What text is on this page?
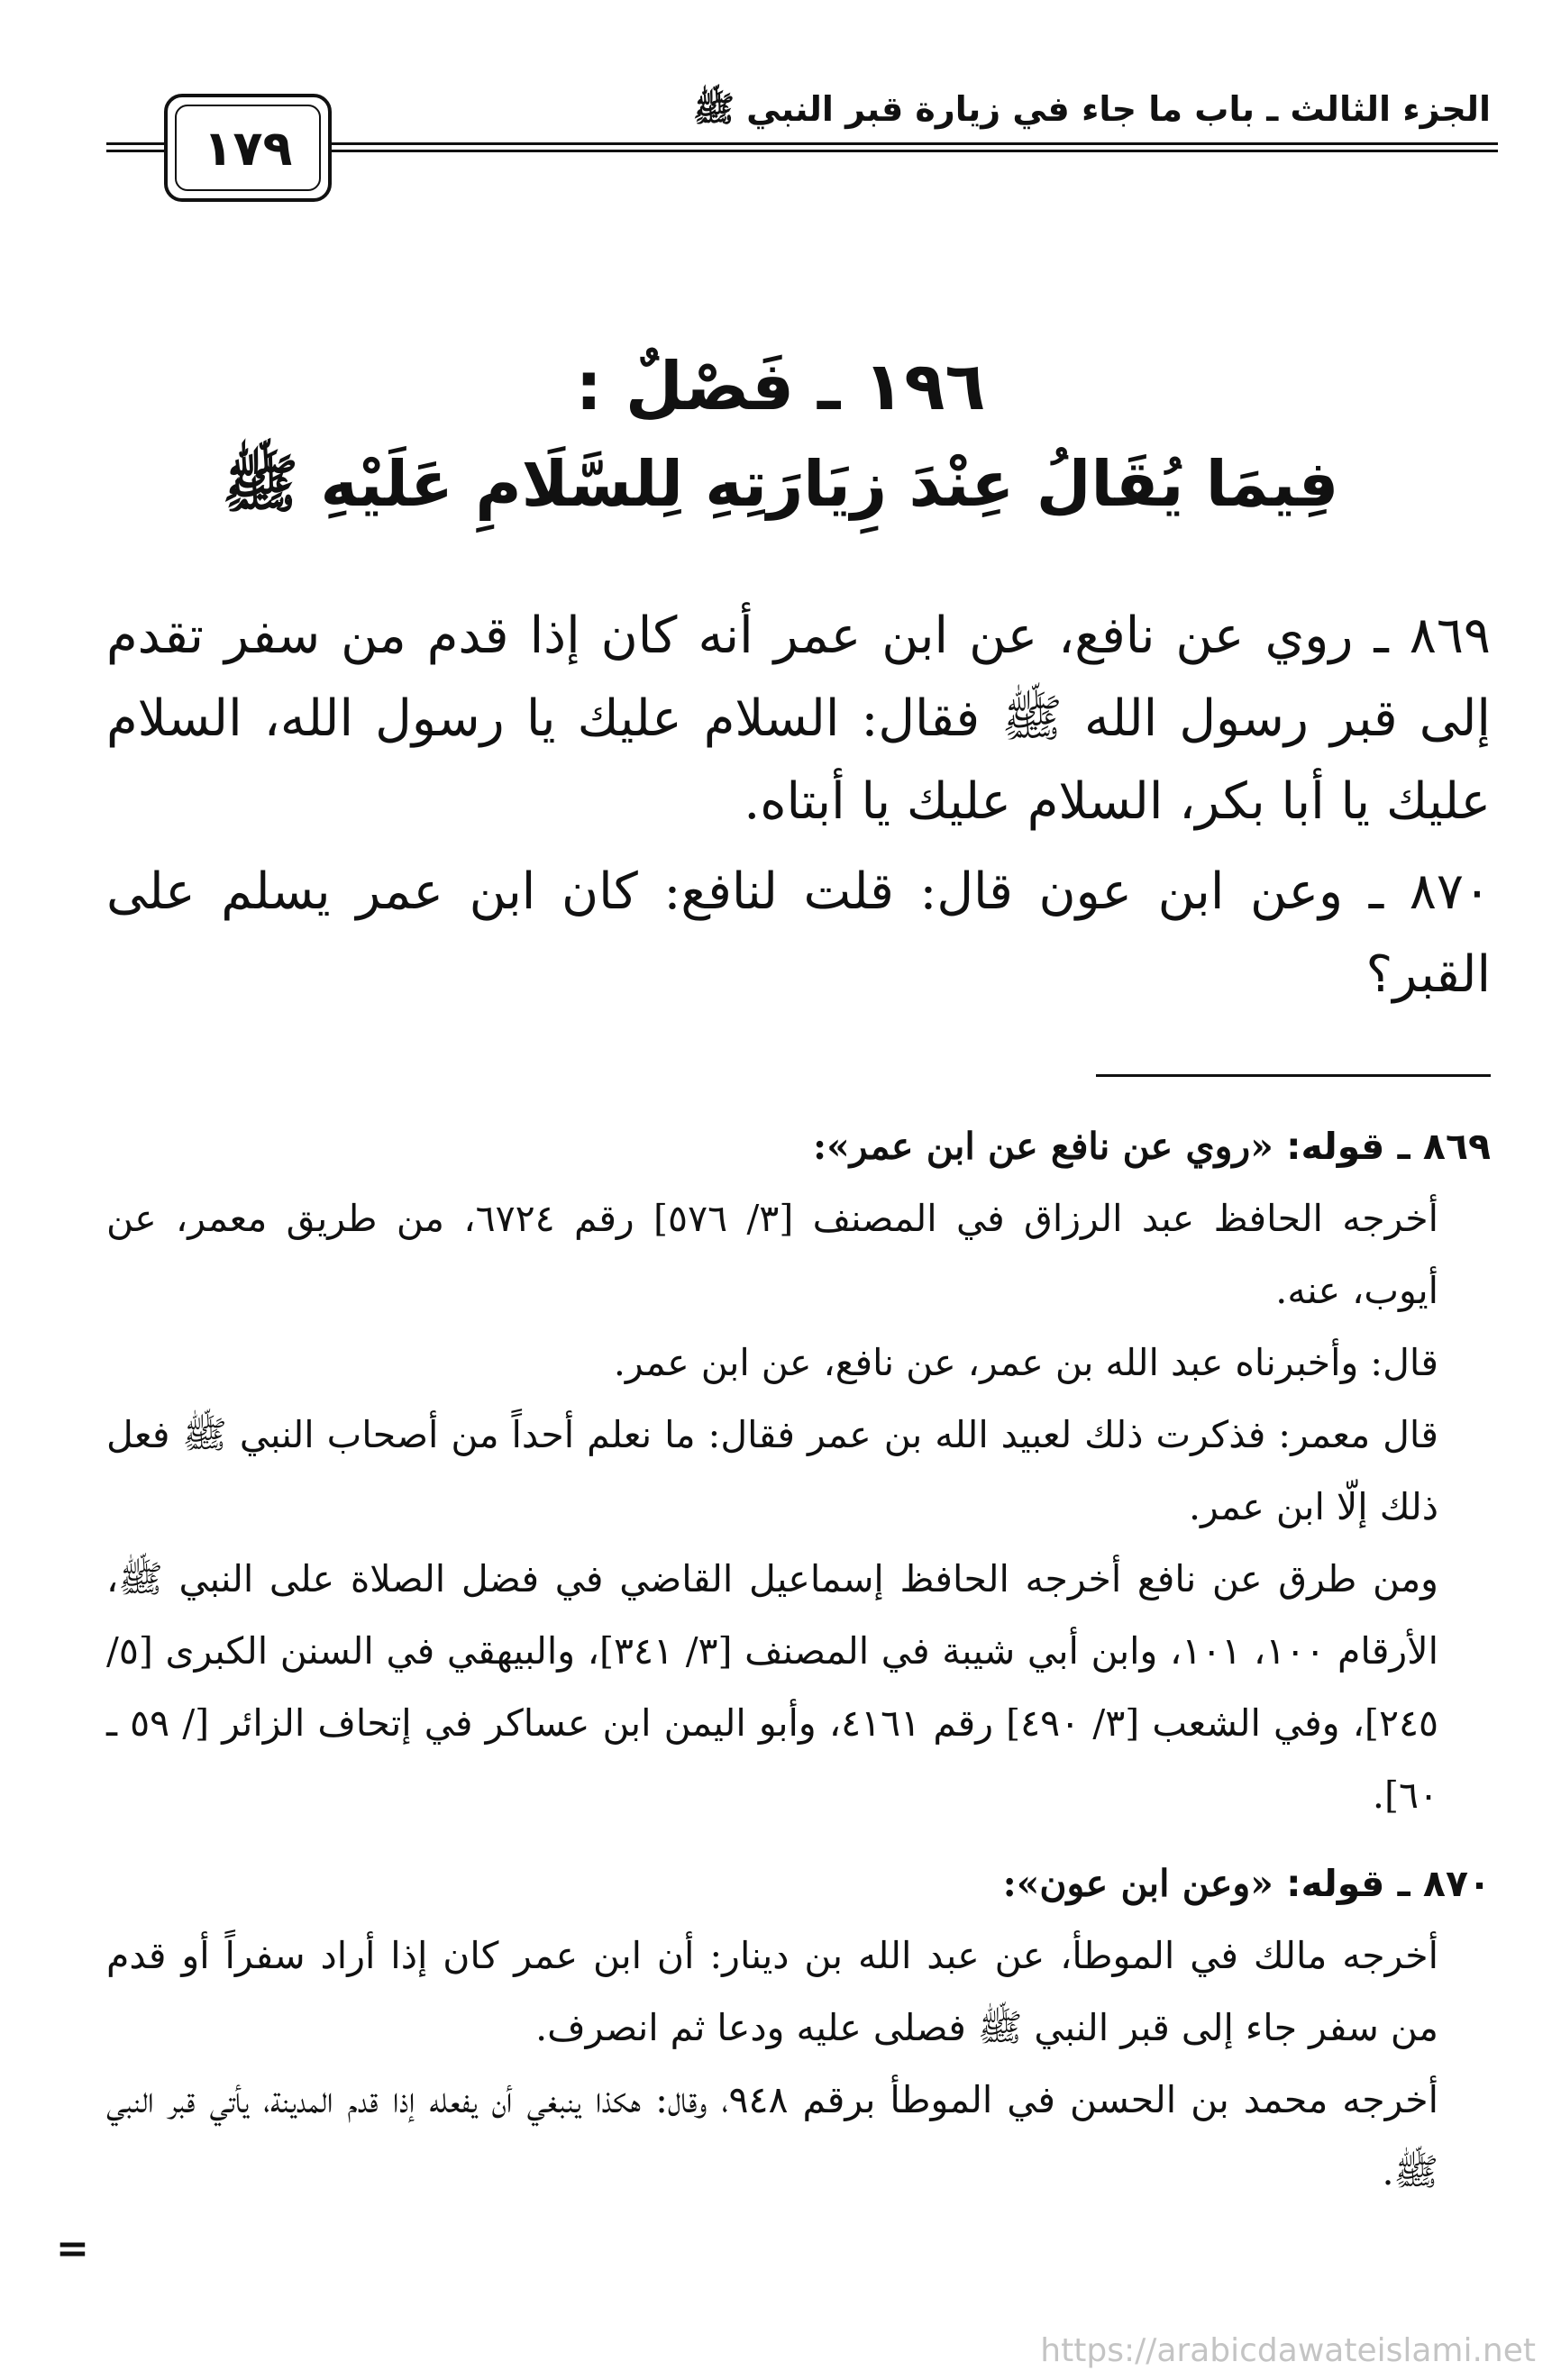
الجزء الثالث ـ باب ما جاء في زيارة قبر النبي ﷺ
١٧٩
١٩٦ ـ فَصْلٌ :
فِيمَا يُقَالُ عِنْدَ زِيَارَتِهِ لِلسَّلَامِ عَلَيْهِ ﷺ

٨٦٩ ـ روي عن نافع، عن ابن عمر أنه كان إذا قدم من سفر تقدم إلى قبر رسول الله ﷺ فقال: السلام عليك يا رسول الله، السلام عليك يا أبا بكر، السلام عليك يا أبتاه.

٨٧٠ ـ وعن ابن عون قال: قلت لنافع: كان ابن عمر يسلم على القبر؟

٨٦٩ ـ قوله: «روي عن نافع عن ابن عمر»:

أخرجه الحافظ عبد الرزاق في المصنف [٣/ ٥٧٦] رقم ٦٧٢٤، من طريق معمر، عن أيوب، عنه.

قال: وأخبرناه عبد الله بن عمر، عن نافع، عن ابن عمر.

قال معمر: فذكرت ذلك لعبيد الله بن عمر فقال: ما نعلم أحداً من أصحاب النبي ﷺ فعل ذلك إلّا ابن عمر.

ومن طرق عن نافع أخرجه الحافظ إسماعيل القاضي في فضل الصلاة على النبي ﷺ، الأرقام ١٠٠، ١٠١، وابن أبي شيبة في المصنف [٣/ ٣٤١]، والبيهقي في السنن الكبرى [٥/ ٢٤٥]، وفي الشعب [٣/ ٤٩٠] رقم ٤١٦١، وأبو اليمن ابن عساكر في إتحاف الزائر [/ ٥٩ ـ ٦٠].

٨٧٠ ـ قوله: «وعن ابن عون»:

أخرجه مالك في الموطأ، عن عبد الله بن دينار: أن ابن عمر كان إذا أراد سفراً أو قدم من سفر جاء إلى قبر النبي ﷺ فصلى عليه ودعا ثم انصرف.

أخرجه محمد بن الحسن في الموطأ برقم ٩٤٨، وقال: هكذا ينبغي أن يفعله إذا قدم المدينة، يأتي قبر النبي ﷺ.

=
https://arabicdawateislami.net
